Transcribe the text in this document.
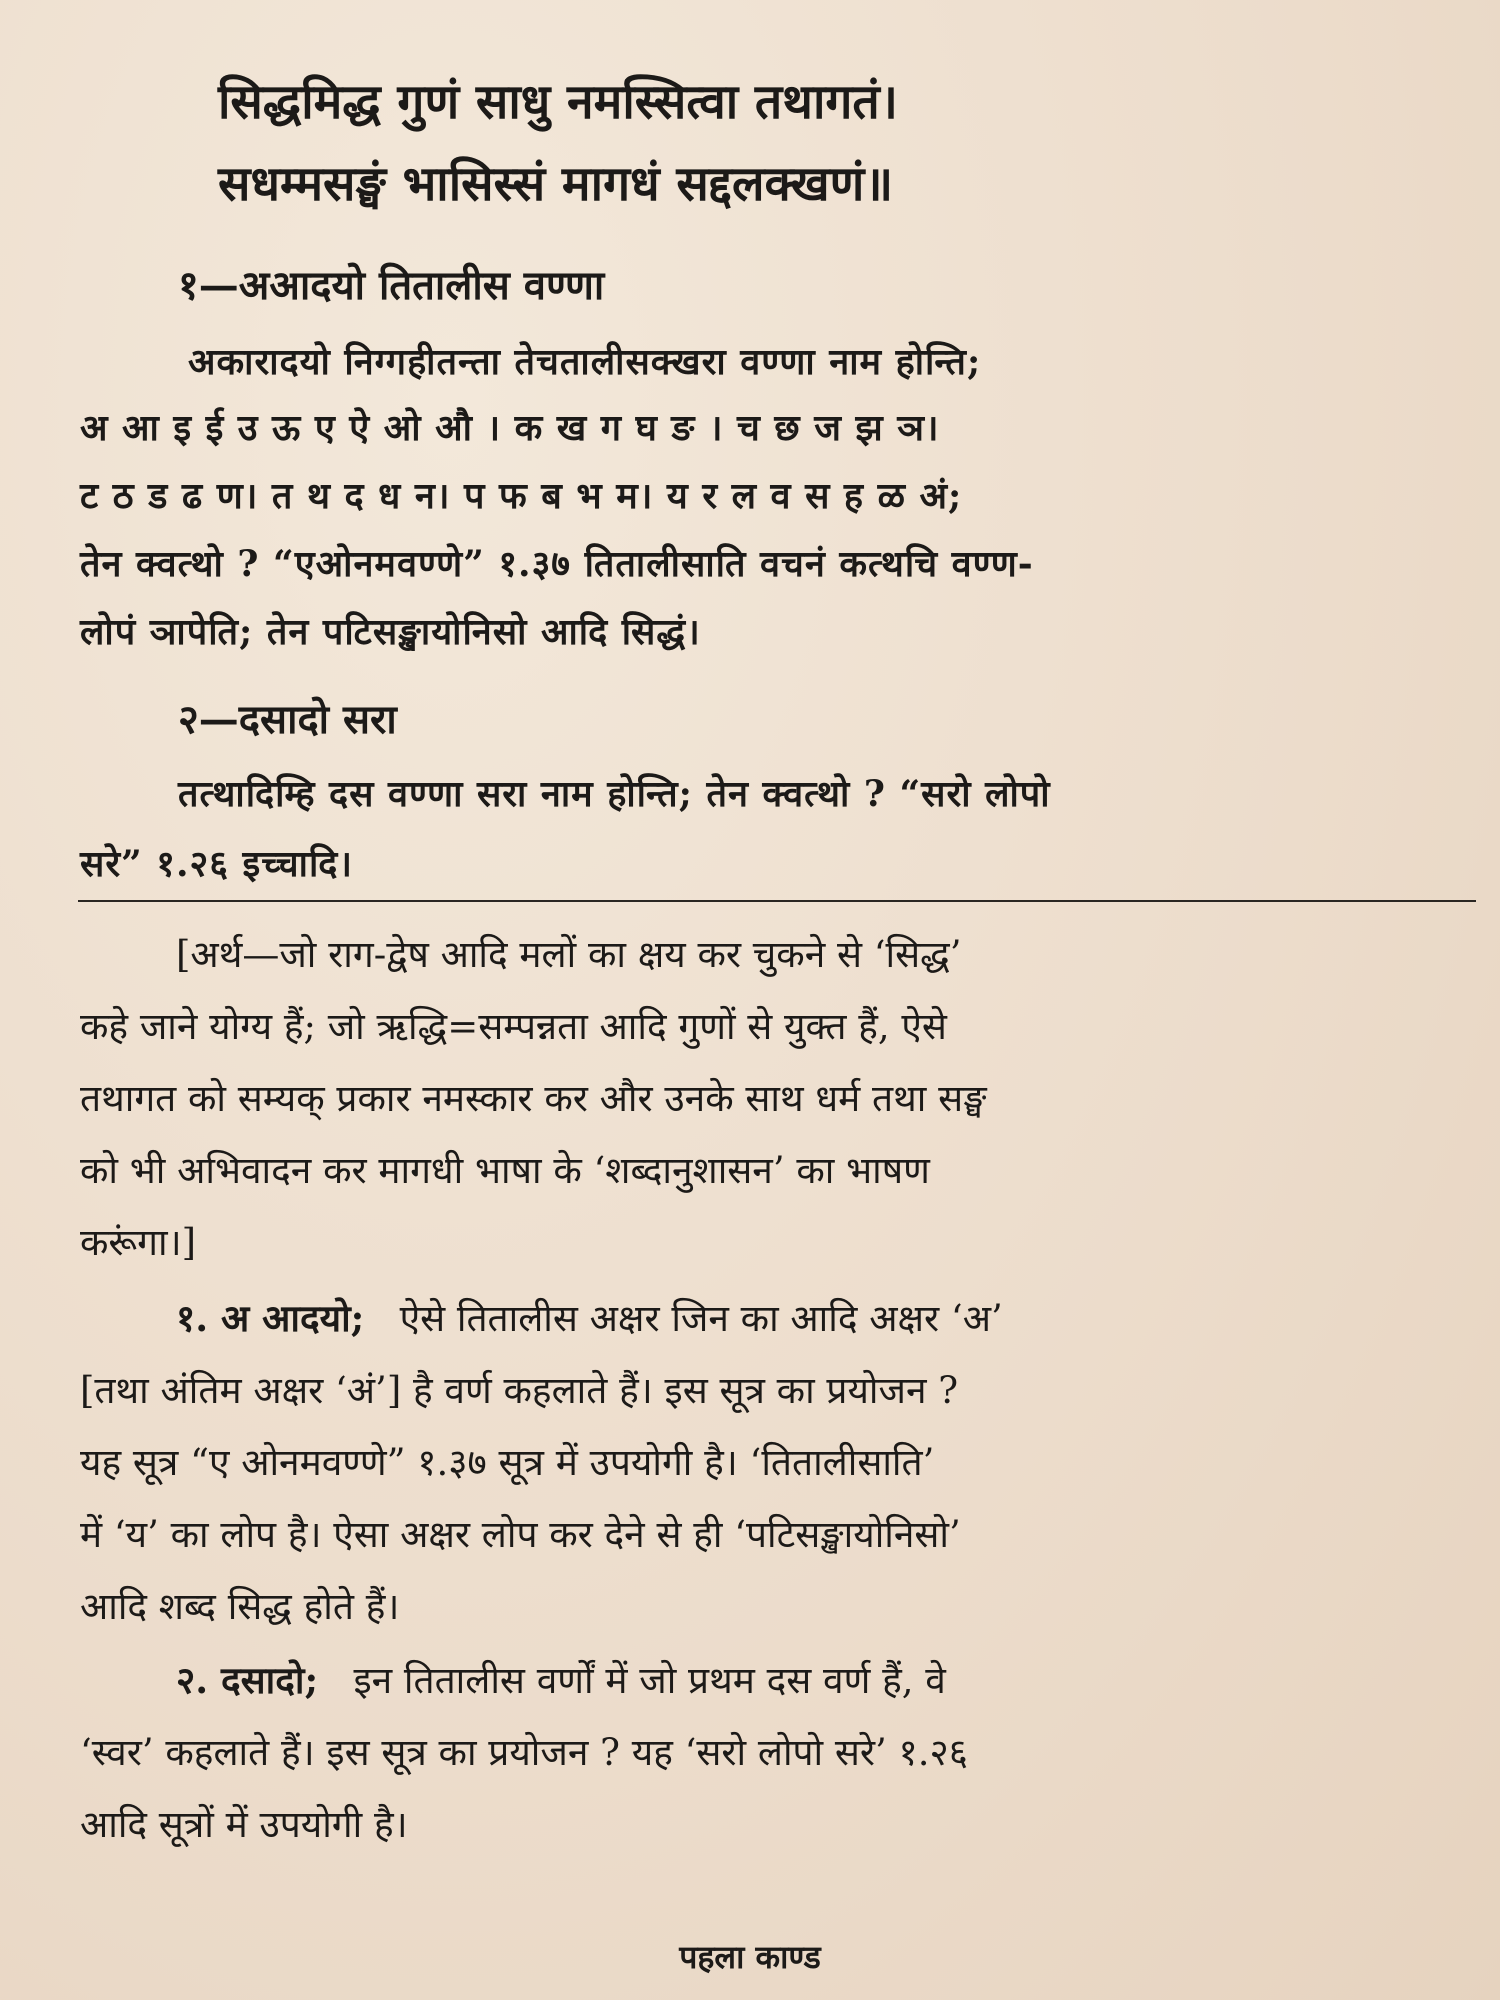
सिद्धमिद्ध गुणं साधु नमस्सित्वा तथागतं।

सधम्मसङ्घं भासिस्सं मागधं सद्दलक्खणं॥

१—अआदयो तितालीस वण्णा

अकारादयो निग्गहीतन्ता तेचतालीसक्खरा वण्णा नाम होन्ति;

अ आ इ ई उ ऊ ए ऐ ओ औ । क ख ग घ ङ । च छ ज झ ञ।

ट ठ ड ढ ण। त थ द ध न। प फ ब भ म। य र ल व स ह ळ अं;

तेन क्वत्थो ? “एओनमवण्णे” १.३७ तितालीसाति वचनं कत्थचि वण्ण-

लोपं ञापेति; तेन पटिसङ्खायोनिसो आदि सिद्धं।

२—दसादो सरा

तत्थादिम्हि दस वण्णा सरा नाम होन्ति; तेन क्वत्थो ? “सरो लोपो

सरे” १.२६ इच्चादि।

[अर्थ—जो राग-द्वेष आदि मलों का क्षय कर चुकने से ‘सिद्ध’

कहे जाने योग्य हैं; जो ऋद्धि=सम्पन्नता आदि गुणों से युक्त हैं, ऐसे

तथागत को सम्यक् प्रकार नमस्कार कर और उनके साथ धर्म तथा सङ्घ

को भी अभिवादन कर मागधी भाषा के ‘शब्दानुशासन’ का भाषण

करूंगा।]

१. अ आदयो; ऐसे तितालीस अक्षर जिन का आदि अक्षर ‘अ’

[तथा अंतिम अक्षर ‘अं’] है वर्ण कहलाते हैं। इस सूत्र का प्रयोजन ?

यह सूत्र “ए ओनमवण्णे” १.३७ सूत्र में उपयोगी है। ‘तितालीसाति’

में ‘य’ का लोप है। ऐसा अक्षर लोप कर देने से ही ‘पटिसङ्खायोनिसो’

आदि शब्द सिद्ध होते हैं।

२. दसादो; इन तितालीस वर्णों में जो प्रथम दस वर्ण हैं, वे

‘स्वर’ कहलाते हैं। इस सूत्र का प्रयोजन ? यह ‘सरो लोपो सरे’ १.२६

आदि सूत्रों में उपयोगी है।

पहला काण्ड
